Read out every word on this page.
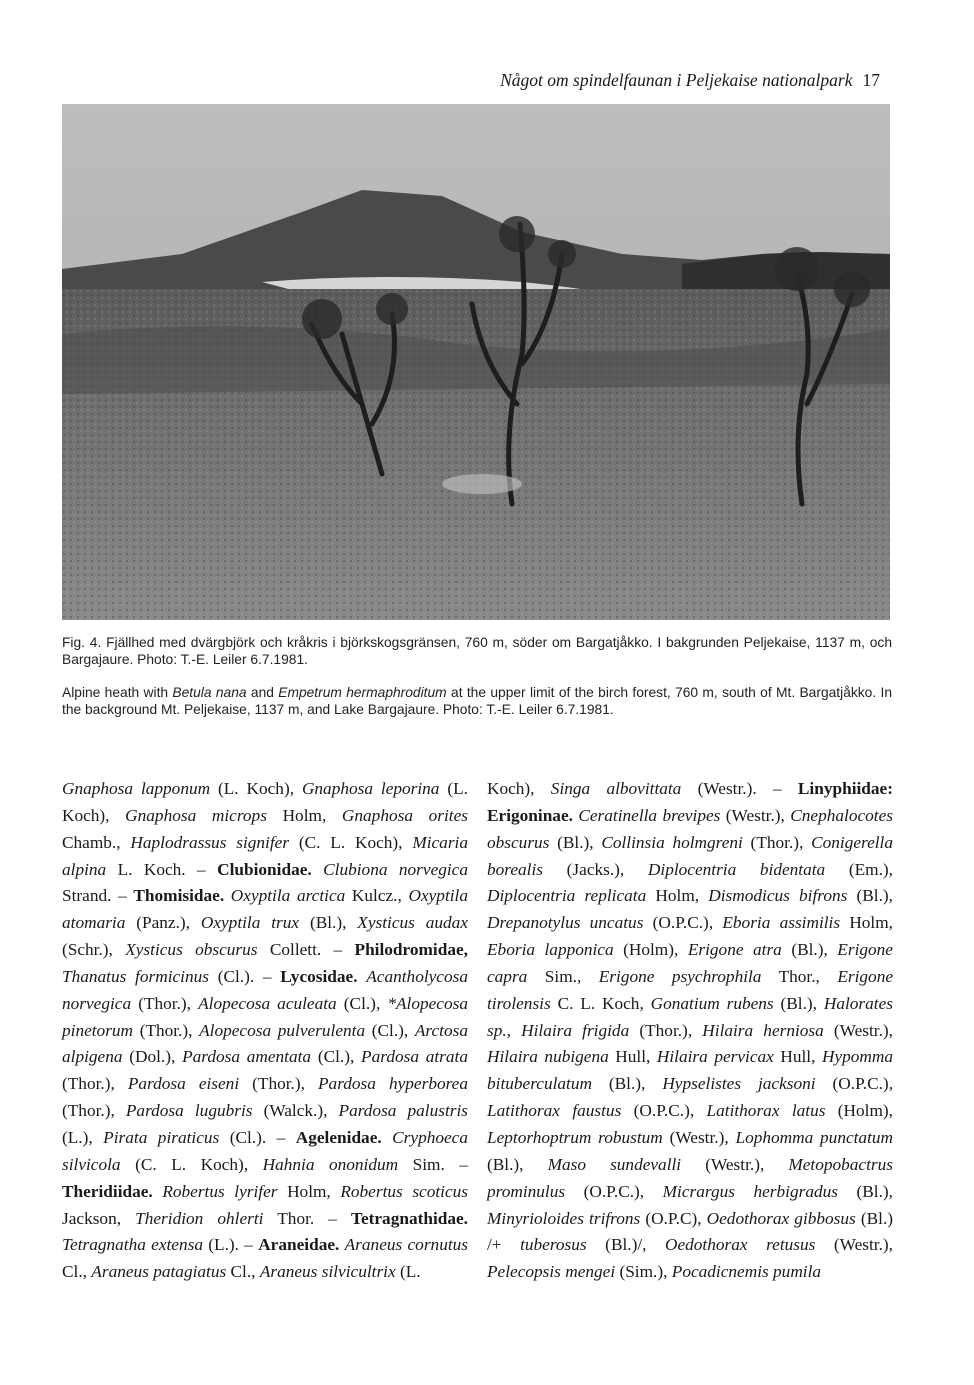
Något om spindelfaunan i Peljekaise nationalpark 17
Fig. 4. Fjällhed med dvärgbjörk och kråkris i björkskogsgränsen, 760 m, söder om Bargatjåkko. I bakgrunden Peljekaise, 1137 m, och Bargajaure. Photo: T.-E. Leiler 6.7.1981.
Alpine heath with Betula nana and Empetrum hermaphroditum at the upper limit of the birch forest, 760 m, south of Mt. Bargatjåkko. In the background Mt. Peljekaise, 1137 m, and Lake Bargajaure. Photo: T.-E. Leiler 6.7.1981.
Gnaphosa lapponum (L. Koch), Gnaphosa leporina (L. Koch), Gnaphosa microps Holm, Gnaphosa orites Chamb., Haplodrassus signifer (C. L. Koch), Micaria alpina L. Koch. – Clubionidae. Clubiona norvegica Strand. – Thomisidae. Oxyptila arctica Kulcz., Oxyptila atomaria (Panz.), Oxyptila trux (Bl.), Xysticus audax (Schr.), Xysticus obscurus Collett. – Philodromidae, Thanatus formicinus (Cl.). – Lycosidae. Acantholycosa norvegica (Thor.), Alopecosa aculeata (Cl.), *Alopecosa pinetorum (Thor.), Alopecosa pulverulenta (Cl.), Arctosa alpigena (Dol.), Pardosa amentata (Cl.), Pardosa atrata (Thor.), Pardosa eiseni (Thor.), Pardosa hyperborea (Thor.), Pardosa lugubris (Walck.), Pardosa palustris (L.), Pirata piraticus (Cl.). – Agelenidae. Cryphoeca silvicola (C. L. Koch), Hahnia ononidum Sim. – Theridiidae. Robertus lyrifer Holm, Robertus scoticus Jackson, Theridion ohlerti Thor. – Tetragnathidae. Tetragnatha extensa (L.). – Araneidae. Araneus cornutus Cl., Araneus patagiatus Cl., Araneus silvicultrix (L.
Koch), Singa albovittata (Westr.). – Linyphiidae: Erigoninae. Ceratinella brevipes (Westr.), Cnephalocotes obscurus (Bl.), Collinsia holmgreni (Thor.), Conigerella borealis (Jacks.), Diplocentria bidentata (Em.), Diplocentria replicata Holm, Dismodicus bifrons (Bl.), Drepanotylus uncatus (O.P.C.), Eboria assimilis Holm, Eboria lapponica (Holm), Erigone atra (Bl.), Erigone capra Sim., Erigone psychrophila Thor., Erigone tirolensis C. L. Koch, Gonatium rubens (Bl.), Halorates sp., Hilaira frigida (Thor.), Hilaira herniosa (Westr.), Hilaira nubigena Hull, Hilaira pervicax Hull, Hypomma bituberculatum (Bl.), Hypselistes jacksoni (O.P.C.), Latithorax faustus (O.P.C.), Latithorax latus (Holm), Leptorhoptrum robustum (Westr.), Lophomma punctatum (Bl.), Maso sundevalli (Westr.), Metopobactrus prominulus (O.P.C.), Micrargus herbigradus (Bl.), Minyrioloides trifrons (O.P.C), Oedothorax gibbosus (Bl.) /+ tuberosus (Bl.)/, Oedothorax retusus (Westr.), Pelecopsis mengei (Sim.), Pocadicnemis pumila
